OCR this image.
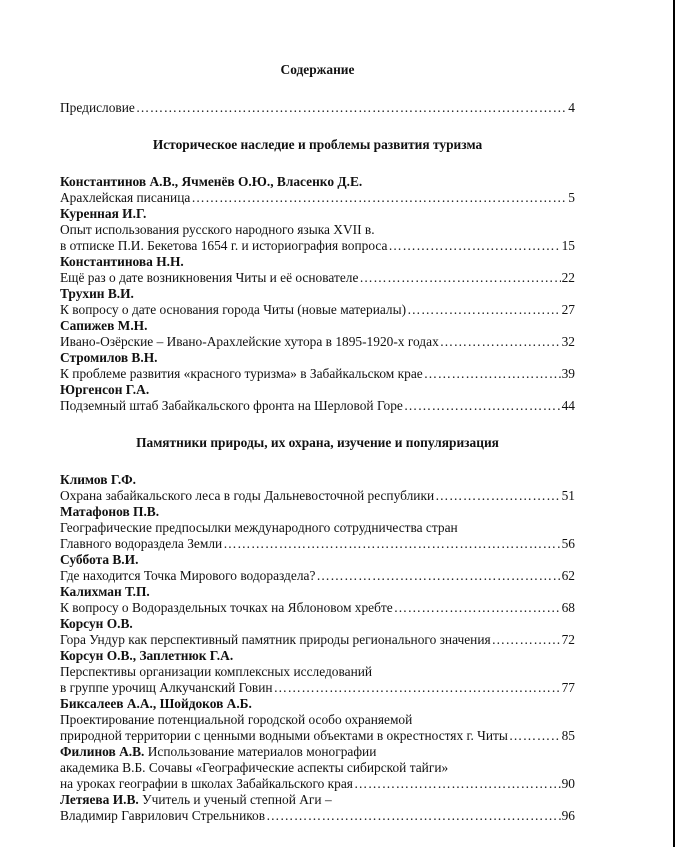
Содержание
Предисловие …………………………………………………………………………………………………………………………………………………………………………	4
Историческое наследие и проблемы развития туризма
Константинов А.В., Ячменёв О.Ю., Власенко Д.Е.
Арахлейская писаница …………………………………………………………………………………………………………………………………………………………………………	5
Куренная И.Г.
Опыт использования русского народного языка XVII в.
в отписке П.И. Бекетова 1654 г. и историография вопроса …………………………………………………………………………………………………………………………………………………………………………	15
Константинова Н.Н.
Ещё раз о дате возникновения Читы и её основателе …………………………………………………………………………………………………………………………………………………………………………	22
Трухин В.И.
К вопросу о дате основания города Читы (новые материалы) …………………………………………………………………………………………………………………………………………………………………………	27
Сапижев М.Н.
Ивано-Озёрские – Ивано-Арахлейские хутора в 1895-1920-х годах …………………………………………………………………………………………………………………………………………………………………………	32
Стромилов В.Н.
К проблеме развития «красного туризма» в Забайкальском крае …………………………………………………………………………………………………………………………………………………………………………	39
Юргенсон Г.А.
Подземный штаб Забайкальского фронта на Шерловой Горе …………………………………………………………………………………………………………………………………………………………………………	44
Памятники природы, их охрана, изучение и популяризация
Климов Г.Ф.
Охрана забайкальского леса в годы Дальневосточной республики …………………………………………………………………………………………………………………………………………………………………………	51
Матафонов П.В.
Географические предпосылки международного сотрудничества стран
Главного водораздела Земли …………………………………………………………………………………………………………………………………………………………………………	56
Суббота В.И.
Где находится Точка Мирового водораздела? …………………………………………………………………………………………………………………………………………………………………………	62
Калихман Т.П.
К вопросу о Водораздельных точках на Яблоновом хребте …………………………………………………………………………………………………………………………………………………………………………	68
Корсун О.В.
Гора Ундур как перспективный памятник природы регионального значения …………………………………………………………………………………………………………………………………………………………………………	72
Корсун О.В., Заплетнюк Г.А.
Перспективы организации комплексных исследований
в группе урочищ Алкучанский Говин …………………………………………………………………………………………………………………………………………………………………………	77
Биксалеев А.А., Шойдоков А.Б.
Проектирование потенциальной городской особо охраняемой
природной территории с ценными водными объектами в окрестностях г. Читы …………………………………………………………………………………………………………………………………………………………………………	85
Филинов А.В. Использование материалов монографии
академика В.Б. Сочавы «Географические аспекты сибирской тайги»
на уроках географии в школах Забайкальского края …………………………………………………………………………………………………………………………………………………………………………	90
Летяева И.В. Учитель и ученый степной Аги –
Владимир Гаврилович Стрельников …………………………………………………………………………………………………………………………………………………………………………	96
